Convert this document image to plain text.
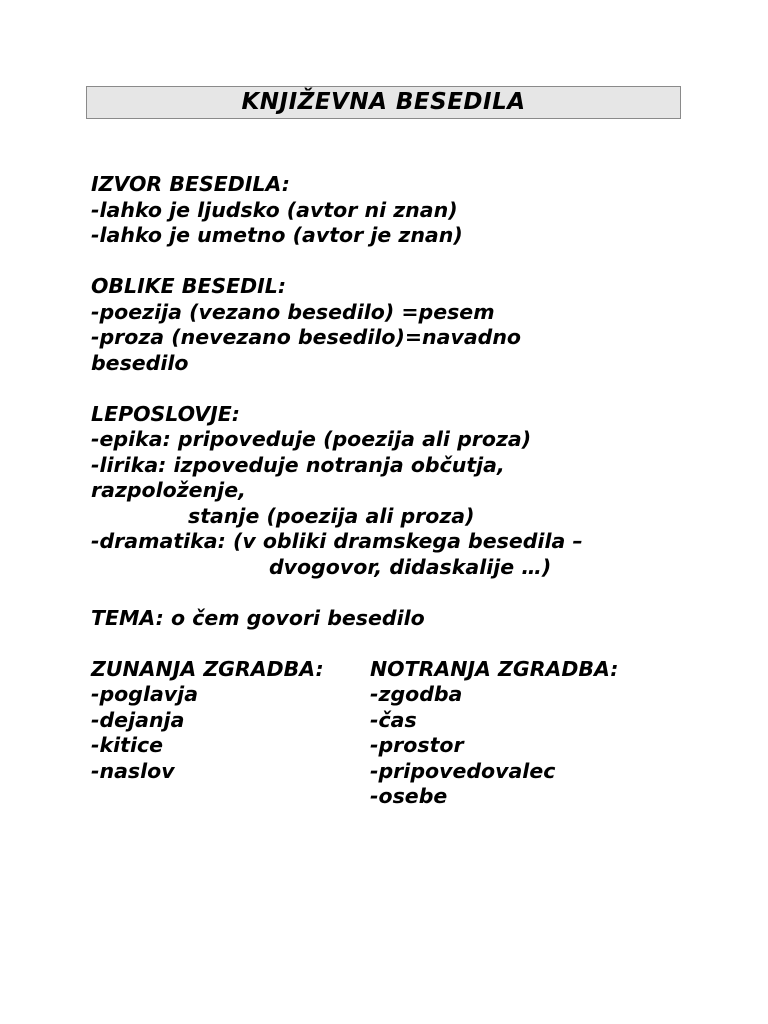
KNJIŽEVNA BESEDILA
IZVOR BESEDILA:
-lahko je ljudsko (avtor ni znan)
-lahko je umetno (avtor je znan)
OBLIKE BESEDIL:
-poezija (vezano besedilo) =pesem
-proza (nevezano besedilo)=navadno
besedilo
LEPOSLOVJE:
-epika: pripoveduje (poezija ali proza)
-lirika: izpoveduje notranja občutja,
razpoloženje,
stanje (poezija ali proza)
-dramatika: (v obliki dramskega besedila –
dvogovor, didaskalije …)
TEMA: o čem govori besedilo
ZUNANJA ZGRADBA:
-poglavja
-dejanja
-kitice
-naslov
NOTRANJA ZGRADBA:
-zgodba
-čas
-prostor
-pripovedovalec
-osebe
